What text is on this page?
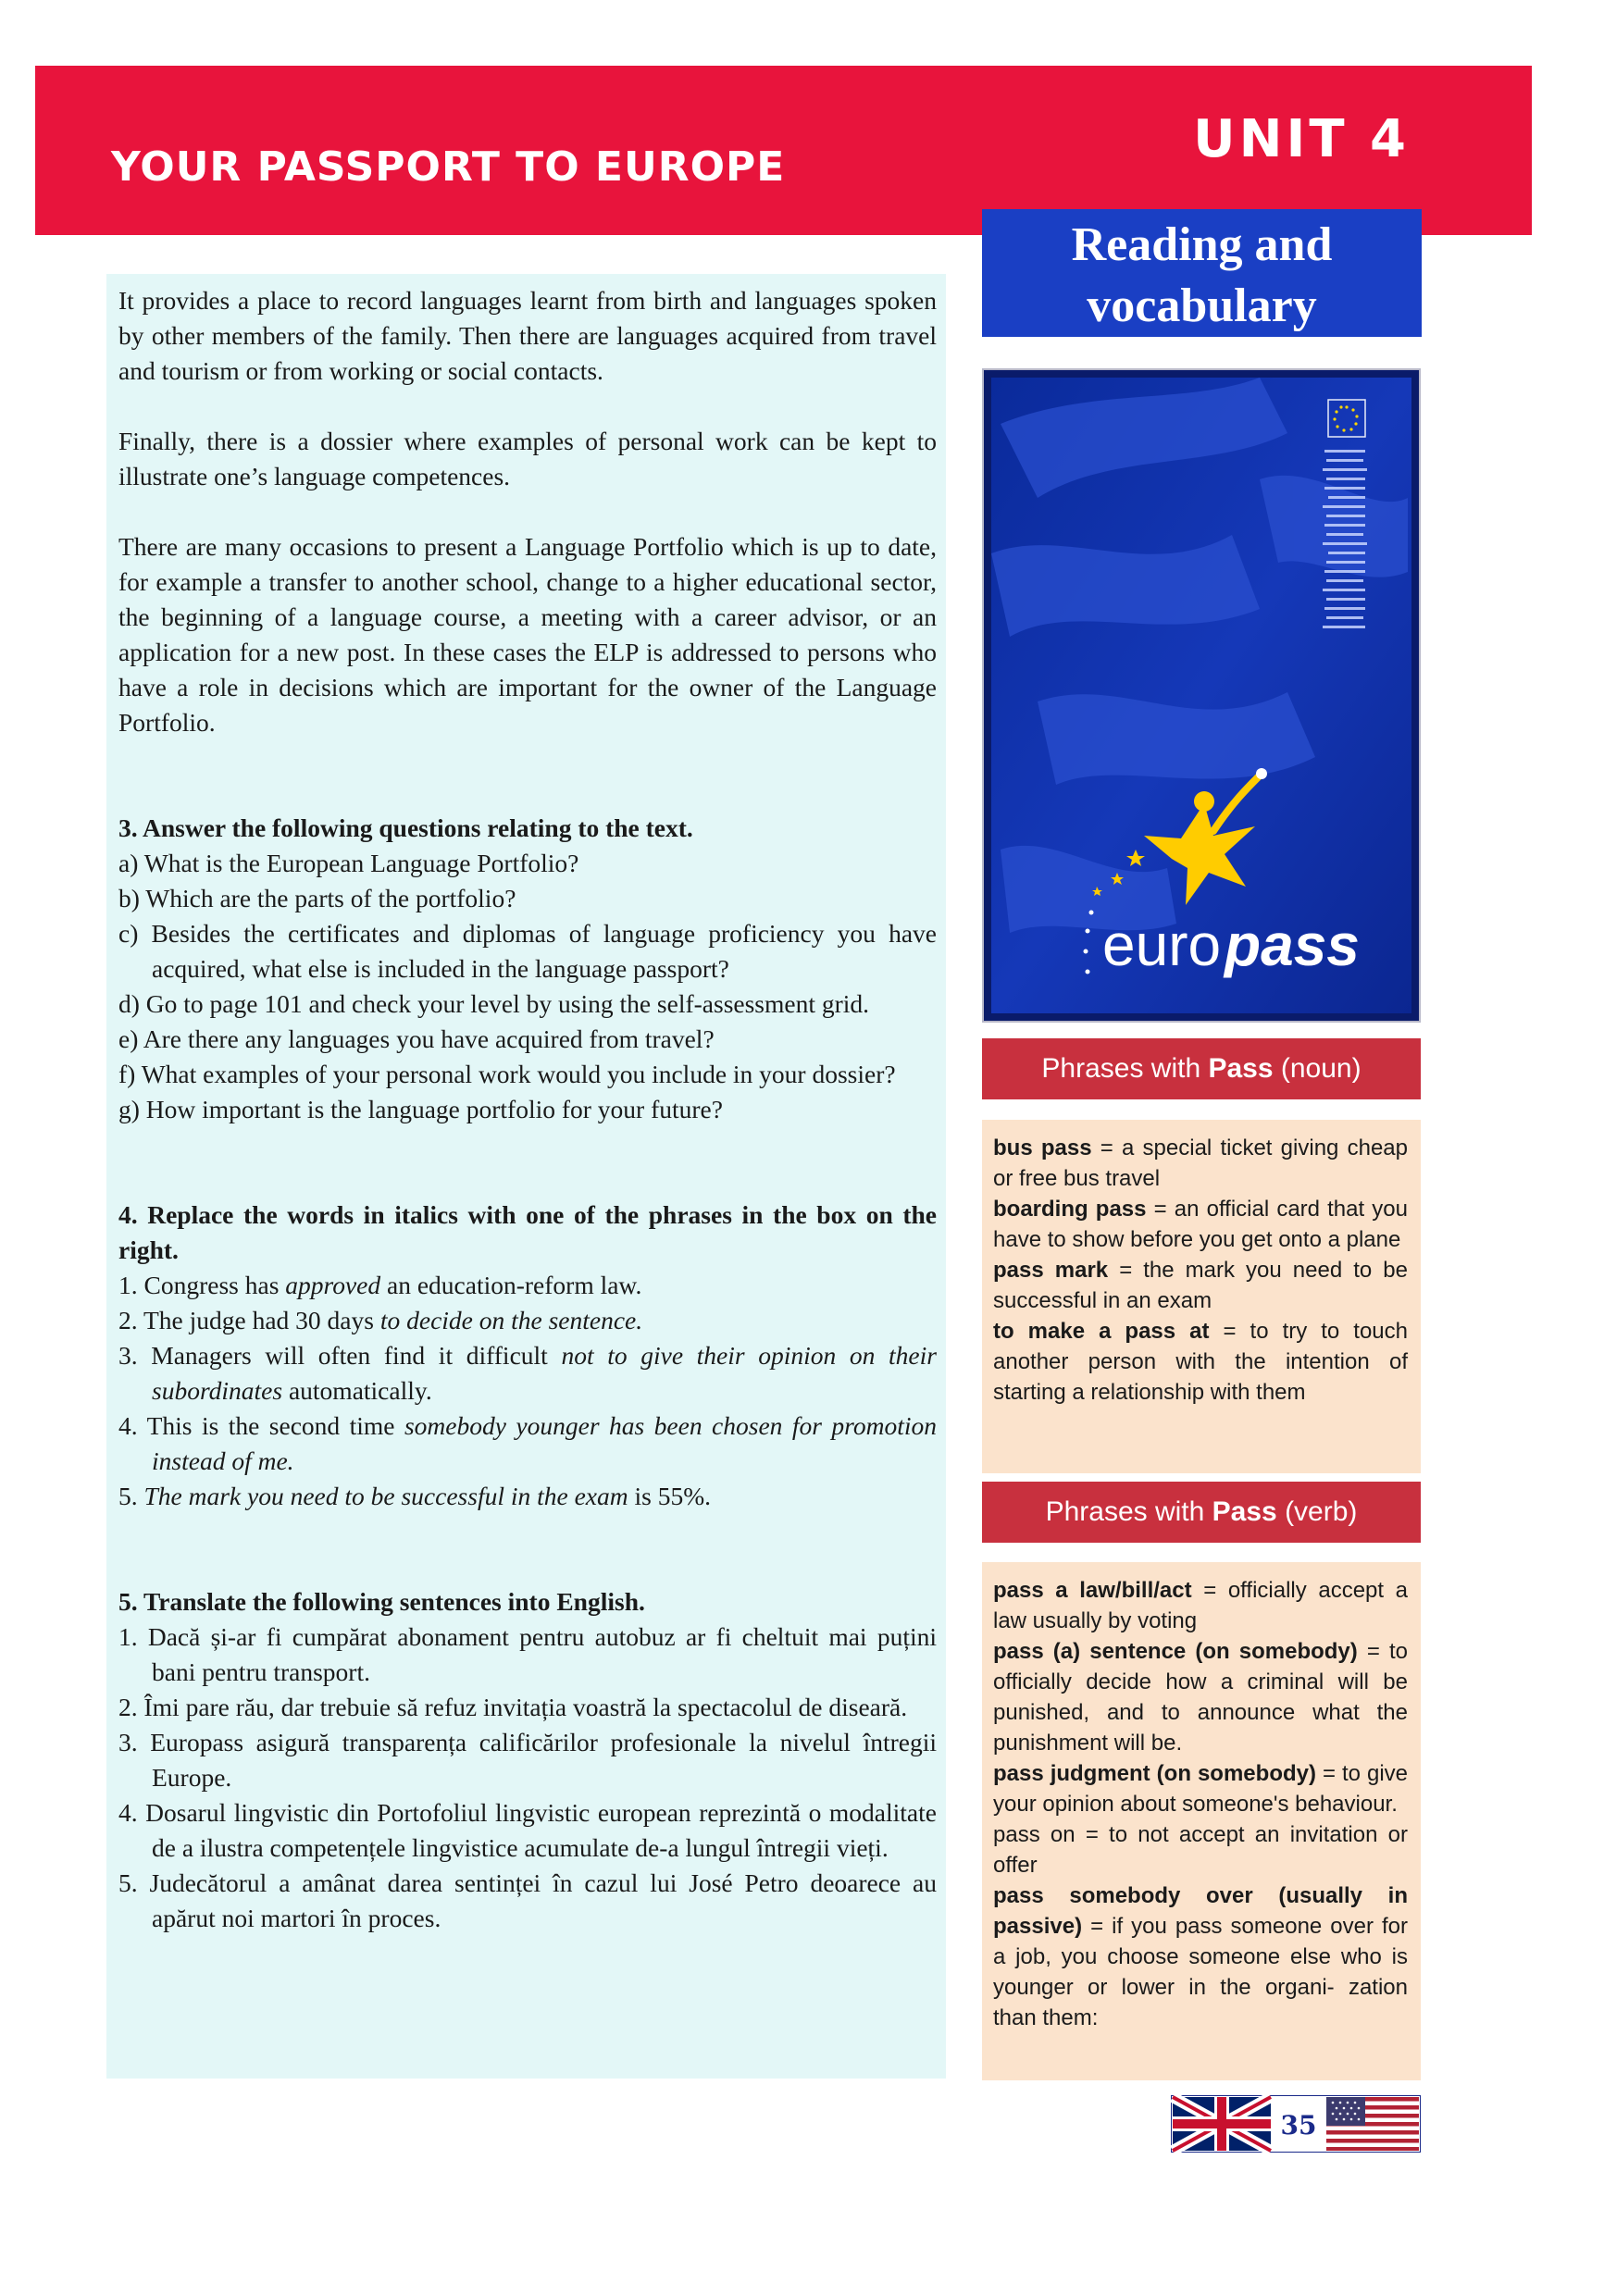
YOUR PASSPORT TO EUROPE	UNIT 4
Reading and
vocabulary

It provides a place to record languages learnt from birth and languages spoken by other members of the family. Then there are languages acquired from travel and tourism or from working or social contacts.

Finally, there is a dossier where examples of personal work can be kept to illustrate one’s language competences.

There are many occasions to present a Language Portfolio which is up to date, for example a transfer to another school, change to a higher educational sector, the beginning of a language course, a meeting with a career advisor, or an application for a new post. In these cases the ELP is addressed to persons who have a role in decisions which are important for the owner of the Language Portfolio.

3. Answer the following questions relating to the text.

a) What is the European Language Portfolio?

b) Which are the parts of the portfolio?

c) Besides the certificates and diplomas of language proficiency you have acquired, what else is included in the language passport?

d) Go to page 101 and check your level by using the self-assessment grid.

e) Are there any languages you have acquired from travel?

f) What examples of your personal work would you include in your dossier?

g) How important is the language portfolio for your future?

4. Replace the words in italics with one of the phrases in the box on the right.

1. Congress has approved an education-reform law.

2. The judge had 30 days to decide on the sentence.

3. Managers will often find it difficult not to give their opinion on their subordinates automatically.

4. This is the second time somebody younger has been chosen for promotion instead of me.

5. The mark you need to be successful in the exam is 55%.

5. Translate the following sentences into English.

1. Dacă și-ar fi cumpărat abonament pentru autobuz ar fi cheltuit mai puțini bani pentru transport.

2. Îmi pare rău, dar trebuie să refuz invitația voastră la spectacolul de diseară.

3. Europass asigură transparența calificărilor profesionale la nivelul întregii Europe.

4. Dosarul lingvistic din Portofoliul lingvistic european reprezintă o modalitate de a ilustra competențele lingvistice acumulate de-a lungul întregii vieți.

5. Judecătorul a amânat darea sentinței în cazul lui José Petro deoarece au apărut noi martori în proces.

euro pass
Phrases with Pass (noun)

bus pass = a special ticket giving cheap or free bus travel

boarding pass = an official card that you have to show before you get onto a plane

pass mark = the mark you need to be successful in an exam

to make a pass at = to try to touch another person with the intention of starting a relationship with them

Phrases with Pass (verb)

pass a law/bill/act = officially accept a law usually by voting

pass (a) sentence (on somebody) = to officially decide how a criminal will be punished, and to announce what the punishment will be.

pass judgment (on somebody) = to give your opinion about someone's behaviour.

pass on = to not accept an invitation or offer

pass somebody over (usually in passive) = if you pass someone over for a job, you choose someone else who is younger or lower in the organi- zation than them:

35
